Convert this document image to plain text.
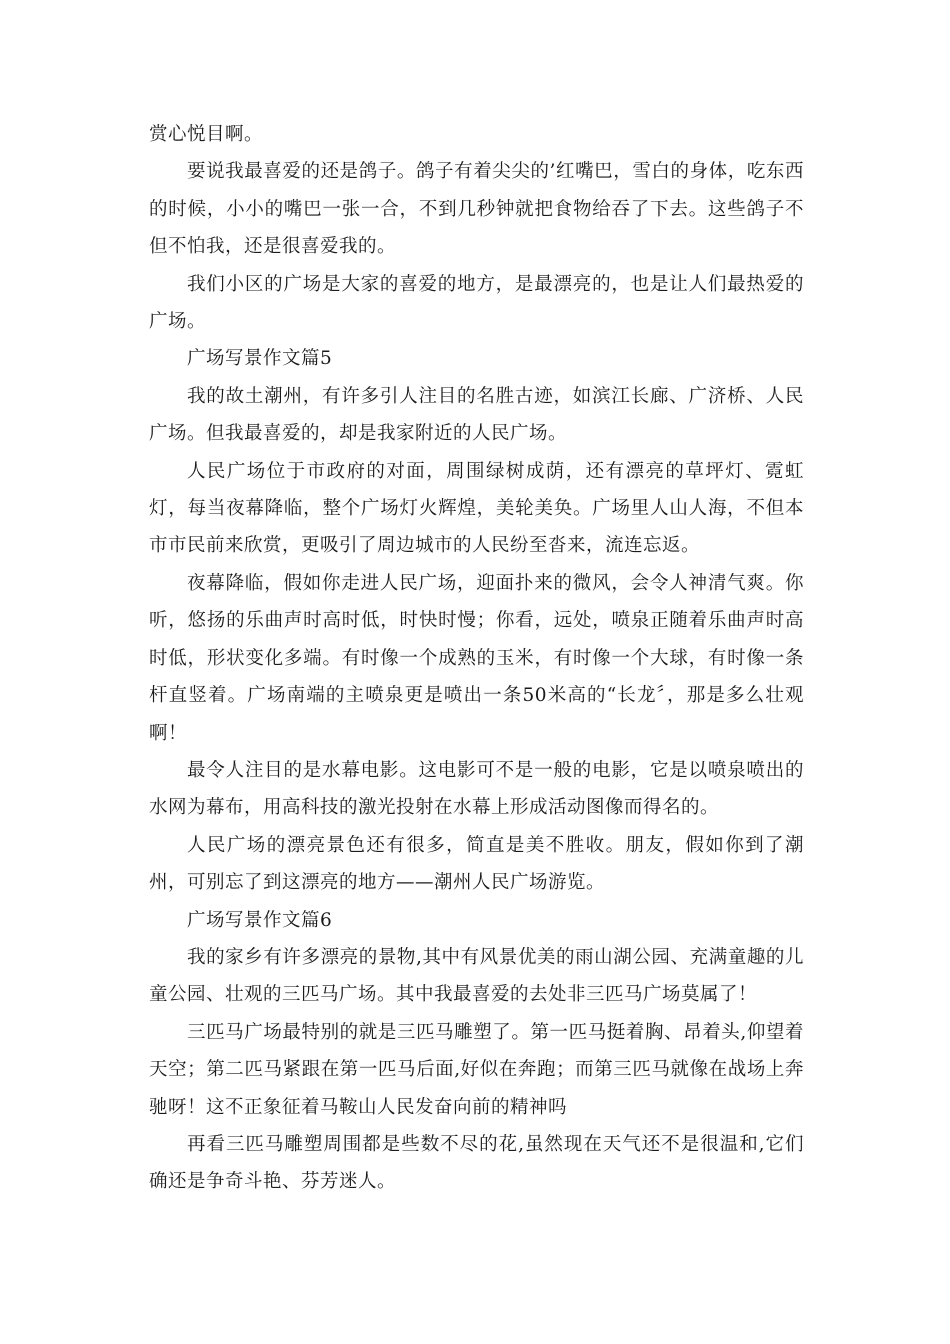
赏心悦目啊。

要说我最喜爱的还是鸽子。鸽子有着尖尖的’红嘴巴，雪白的身体，吃东西的时候，小小的嘴巴一张一合，不到几秒钟就把食物给吞了下去。这些鸽子不但不怕我，还是很喜爱我的。

我们小区的广场是大家的喜爱的地方，是最漂亮的，也是让人们最热爱的广场。

广场写景作文篇5

我的故土潮州，有许多引人注目的名胜古迹，如滨江长廊、广济桥、人民广场。但我最喜爱的，却是我家附近的人民广场。

人民广场位于市政府的对面，周围绿树成荫，还有漂亮的草坪灯、霓虹灯，每当夜幕降临，整个广场灯火辉煌，美轮美奂。广场里人山人海，不但本市市民前来欣赏，更吸引了周边城市的人民纷至沓来，流连忘返。

夜幕降临，假如你走进人民广场，迎面扑来的微风，会令人神清气爽。你听，悠扬的乐曲声时高时低，时快时慢；你看，远处，喷泉正随着乐曲声时高时低，形状变化多端。有时像一个成熟的玉米，有时像一个大球，有时像一条杆直竖着。广场南端的主喷泉更是喷出一条50米高的“长龙〞，那是多么壮观啊！

最令人注目的是水幕电影。这电影可不是一般的电影，它是以喷泉喷出的水网为幕布，用高科技的激光投射在水幕上形成活动图像而得名的。

人民广场的漂亮景色还有很多，简直是美不胜收。朋友，假如你到了潮州，可别忘了到这漂亮的地方——潮州人民广场游览。

广场写景作文篇6

我的家乡有许多漂亮的景物,其中有风景优美的雨山湖公园、充满童趣的儿童公园、壮观的三匹马广场。其中我最喜爱的去处非三匹马广场莫属了！

三匹马广场最特别的就是三匹马雕塑了。第一匹马挺着胸、昂着头,仰望着天空；第二匹马紧跟在第一匹马后面,好似在奔跑；而第三匹马就像在战场上奔驰呀！这不正象征着马鞍山人民发奋向前的精神吗

再看三匹马雕塑周围都是些数不尽的花,虽然现在天气还不是很温和,它们确还是争奇斗艳、芬芳迷人。
